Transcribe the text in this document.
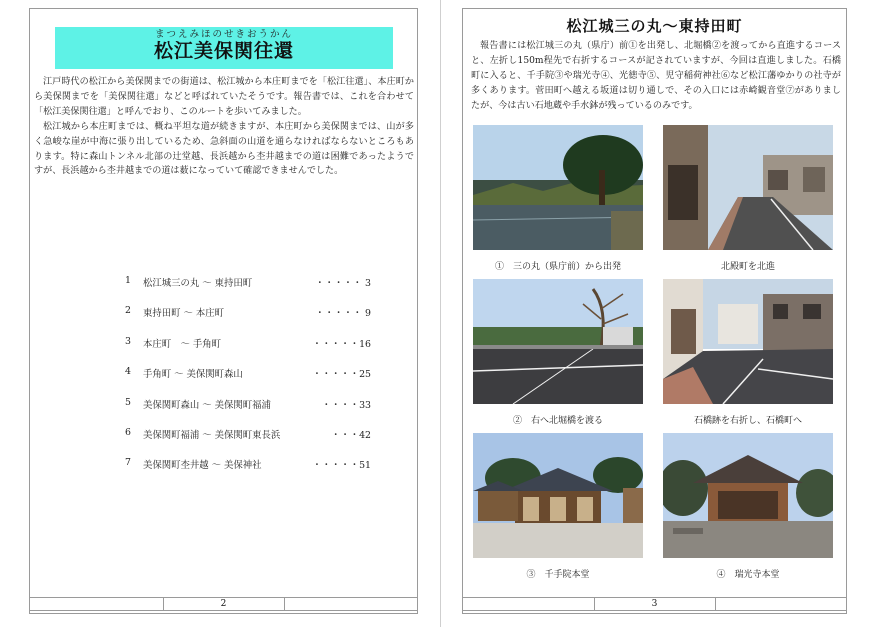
まつえみほのせきおうかん
松江美保関往還

江戸時代の松江から美保関までの街道は、松江城から本庄町までを「松江往還」、本庄町から美保関までを「美保関往還」などと呼ばれていたそうです。報告書では、これを合わせて「松江美保関往還」と呼んでおり、このルートを歩いてみました。

松江城から本庄町までは、概ね平坦な道が続きますが、本庄町から美保関までは、山が多く急峻な崖が中海に張り出しているため、急斜面の山道を通らなければならないところもあります。特に森山トンネル北部の辻堂越、長浜越から杢井越までの道は困難であったようですが、長浜越から杢井越までの道は薮になっていて確認できませんでした。

1 松江城三の丸 〜 東持田町	・・・・・ 3
2 東持田町 〜 本庄町	・・・・・ 9
3 本庄町　〜 手角町	・・・・・16
4 手角町 〜 美保関町森山	・・・・・25
5 美保関町森山 〜 美保関町福浦	・・・・33
6 美保関町福浦 〜 美保関町東長浜	・・・42
7 美保関町杢井越 〜 美保神社	・・・・・51
2
松江城三の丸〜東持田町

報告書には松江城三の丸（県庁）前①を出発し、北堀橋②を渡ってから直進するコースと、左折し150m程先で右折するコースが記されていますが、今回は直進しました。石橋町に入ると、千手院③や瑞光寺④、光徳寺⑤、児守稲荷神社⑥など松江藩ゆかりの社寺が多くあります。菅田町へ越える坂道は切り通しで、その入口には赤崎観音堂⑦がありましたが、今は古い石地蔵や手水鉢が残っているのみです。

①　三の丸（県庁前）から出発	北殿町を北進
②　右へ北堀橋を渡る	石橋跡を右折し、石橋町へ
③　千手院本堂	④　瑞光寺本堂
3
